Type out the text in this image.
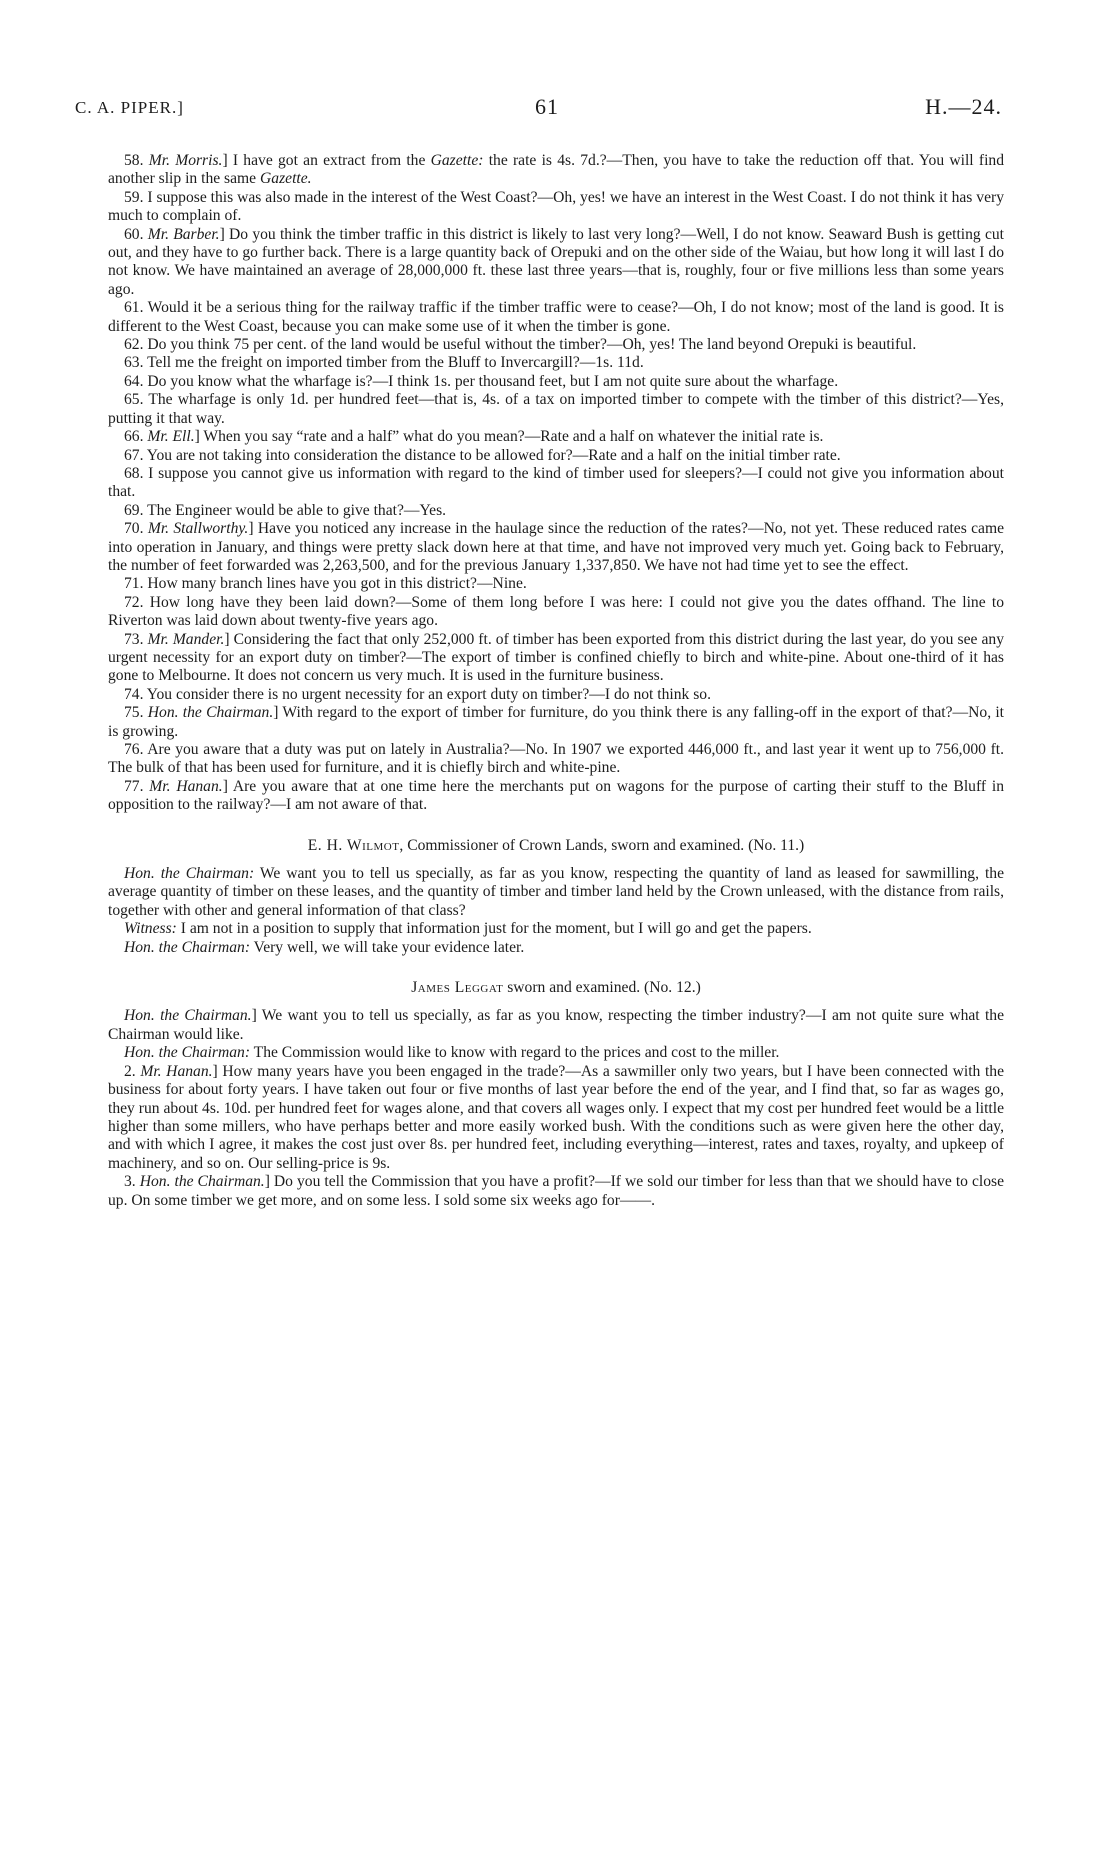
C. A. PIPER.]	61	H.—24.

58. Mr. Morris.] I have got an extract from the Gazette: the rate is 4s. 7d.?—Then, you have to take the reduction off that. You will find another slip in the same Gazette.

59. I suppose this was also made in the interest of the West Coast?—Oh, yes! we have an interest in the West Coast. I do not think it has very much to complain of.

60. Mr. Barber.] Do you think the timber traffic in this district is likely to last very long?—Well, I do not know. Seaward Bush is getting cut out, and they have to go further back. There is a large quantity back of Orepuki and on the other side of the Waiau, but how long it will last I do not know. We have maintained an average of 28,000,000 ft. these last three years—that is, roughly, four or five millions less than some years ago.

61. Would it be a serious thing for the railway traffic if the timber traffic were to cease?—Oh, I do not know; most of the land is good. It is different to the West Coast, because you can make some use of it when the timber is gone.

62. Do you think 75 per cent. of the land would be useful without the timber?—Oh, yes! The land beyond Orepuki is beautiful.

63. Tell me the freight on imported timber from the Bluff to Invercargill?—1s. 11d.

64. Do you know what the wharfage is?—I think 1s. per thousand feet, but I am not quite sure about the wharfage.

65. The wharfage is only 1d. per hundred feet—that is, 4s. of a tax on imported timber to compete with the timber of this district?—Yes, putting it that way.

66. Mr. Ell.] When you say “rate and a half” what do you mean?—Rate and a half on whatever the initial rate is.

67. You are not taking into consideration the distance to be allowed for?—Rate and a half on the initial timber rate.

68. I suppose you cannot give us information with regard to the kind of timber used for sleepers?—I could not give you information about that.

69. The Engineer would be able to give that?—Yes.

70. Mr. Stallworthy.] Have you noticed any increase in the haulage since the reduction of the rates?—No, not yet. These reduced rates came into operation in January, and things were pretty slack down here at that time, and have not improved very much yet. Going back to February, the number of feet forwarded was 2,263,500, and for the previous January 1,337,850. We have not had time yet to see the effect.

71. How many branch lines have you got in this district?—Nine.

72. How long have they been laid down?—Some of them long before I was here: I could not give you the dates offhand. The line to Riverton was laid down about twenty-five years ago.

73. Mr. Mander.] Considering the fact that only 252,000 ft. of timber has been exported from this district during the last year, do you see any urgent necessity for an export duty on timber?—The export of timber is confined chiefly to birch and white-pine. About one-third of it has gone to Melbourne. It does not concern us very much. It is used in the furniture business.

74. You consider there is no urgent necessity for an export duty on timber?—I do not think so.

75. Hon. the Chairman.] With regard to the export of timber for furniture, do you think there is any falling-off in the export of that?—No, it is growing.

76. Are you aware that a duty was put on lately in Australia?—No. In 1907 we exported 446,000 ft., and last year it went up to 756,000 ft. The bulk of that has been used for furniture, and it is chiefly birch and white-pine.

77. Mr. Hanan.] Are you aware that at one time here the merchants put on wagons for the purpose of carting their stuff to the Bluff in opposition to the railway?—I am not aware of that.

E. H. Wilmot, Commissioner of Crown Lands, sworn and examined. (No. 11.)

Hon. the Chairman: We want you to tell us specially, as far as you know, respecting the quantity of land as leased for sawmilling, the average quantity of timber on these leases, and the quantity of timber and timber land held by the Crown unleased, with the distance from rails, together with other and general information of that class?

Witness: I am not in a position to supply that information just for the moment, but I will go and get the papers.

Hon. the Chairman: Very well, we will take your evidence later.

James Leggat sworn and examined. (No. 12.)

Hon. the Chairman.] We want you to tell us specially, as far as you know, respecting the timber industry?—I am not quite sure what the Chairman would like.

Hon. the Chairman: The Commission would like to know with regard to the prices and cost to the miller.

2. Mr. Hanan.] How many years have you been engaged in the trade?—As a sawmiller only two years, but I have been connected with the business for about forty years. I have taken out four or five months of last year before the end of the year, and I find that, so far as wages go, they run about 4s. 10d. per hundred feet for wages alone, and that covers all wages only. I expect that my cost per hundred feet would be a little higher than some millers, who have perhaps better and more easily worked bush. With the conditions such as were given here the other day, and with which I agree, it makes the cost just over 8s. per hundred feet, including everything—interest, rates and taxes, royalty, and upkeep of machinery, and so on. Our selling-price is 9s.

3. Hon. the Chairman.] Do you tell the Commission that you have a profit?—If we sold our timber for less than that we should have to close up. On some timber we get more, and on some less. I sold some six weeks ago for——.
